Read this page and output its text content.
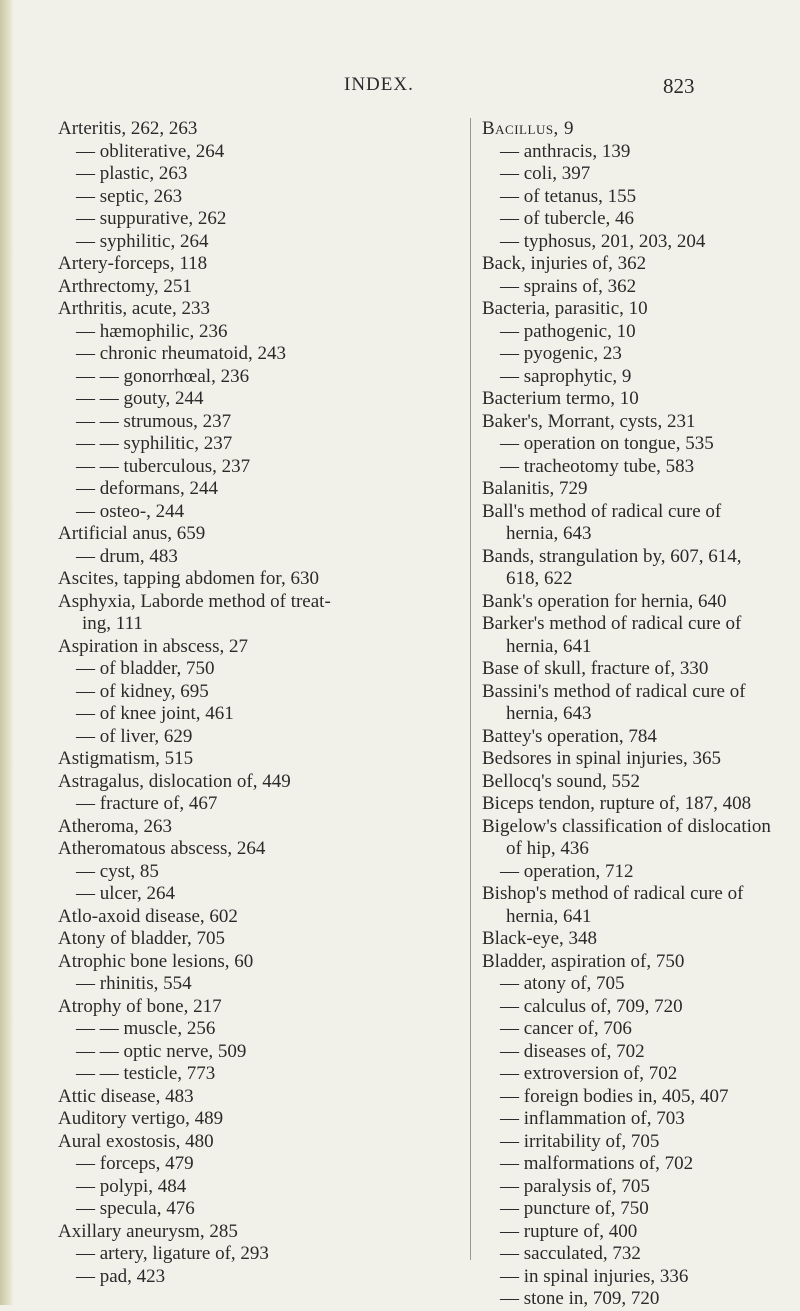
INDEX.	823
Arteritis, 262, 263
— obliterative, 264
— plastic, 263
— septic, 263
— suppurative, 262
— syphilitic, 264
Artery-forceps, 118
Arthrectomy, 251
Arthritis, acute, 233
— hæmophilic, 236
— chronic rheumatoid, 243
— — gonorrhœal, 236
— — gouty, 244
— — strumous, 237
— — syphilitic, 237
— — tuberculous, 237
— deformans, 244
— osteo-, 244
Artificial anus, 659
— drum, 483
Ascites, tapping abdomen for, 630
Asphyxia, Laborde method of treat-
ing, 111
Aspiration in abscess, 27
— of bladder, 750
— of kidney, 695
— of knee joint, 461
— of liver, 629
Astigmatism, 515
Astragalus, dislocation of, 449
— fracture of, 467
Atheroma, 263
Atheromatous abscess, 264
— cyst, 85
— ulcer, 264
Atlo-axoid disease, 602
Atony of bladder, 705
Atrophic bone lesions, 60
— rhinitis, 554
Atrophy of bone, 217
— — muscle, 256
— — optic nerve, 509
— — testicle, 773
Attic disease, 483
Auditory vertigo, 489
Aural exostosis, 480
— forceps, 479
— polypi, 484
— specula, 476
Axillary aneurysm, 285
— artery, ligature of, 293
— pad, 423
Bacillus, 9
— anthracis, 139
— coli, 397
— of tetanus, 155
— of tubercle, 46
— typhosus, 201, 203, 204
Back, injuries of, 362
— sprains of, 362
Bacteria, parasitic, 10
— pathogenic, 10
— pyogenic, 23
— saprophytic, 9
Bacterium termo, 10
Baker's, Morrant, cysts, 231
— operation on tongue, 535
— tracheotomy tube, 583
Balanitis, 729
Ball's method of radical cure of
hernia, 643
Bands, strangulation by, 607, 614,
618, 622
Bank's operation for hernia, 640
Barker's method of radical cure of
hernia, 641
Base of skull, fracture of, 330
Bassini's method of radical cure of
hernia, 643
Battey's operation, 784
Bedsores in spinal injuries, 365
Bellocq's sound, 552
Biceps tendon, rupture of, 187, 408
Bigelow's classification of dislocation
of hip, 436
— operation, 712
Bishop's method of radical cure of
hernia, 641
Black-eye, 348
Bladder, aspiration of, 750
— atony of, 705
— calculus of, 709, 720
— cancer of, 706
— diseases of, 702
— extroversion of, 702
— foreign bodies in, 405, 407
— inflammation of, 703
— irritability of, 705
— malformations of, 702
— paralysis of, 705
— puncture of, 750
— rupture of, 400
— sacculated, 732
— in spinal injuries, 336
— stone in, 709, 720
